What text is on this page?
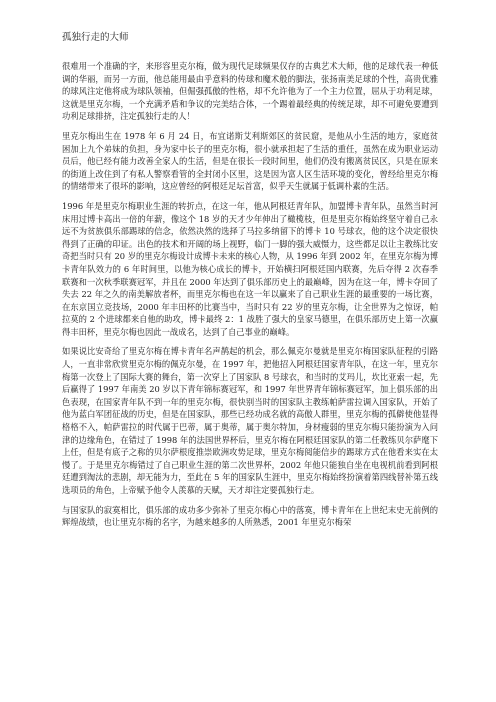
孤独行走的大师

很难用一个准确的字，来形容里克尔梅，做为现代足球频果仅存的古典艺术大师，他的足球代表一种低调的华丽，而另一方面，他总能用最由乎意料的传球和魔术般的脚法，张扬南美足球的个性，高贵优雅的球风注定他将成为球队领袖，但倔强孤傲的性格，却不允许他为了一个主力位置，屈从于功利足球，这就是里克尔梅，一个充满矛盾和争议的完美结合体，一个踢着最经典的传统足球，却不可避免要遭到功利足球排挤，注定孤独行走的人！

里克尔梅出生在 1978 年 6 月 24 日，布宜诺斯艾利斯郊区的贫民窟，是他从小生活的地方，家庭贫困加上九个弟妹的负担，身为家中长子的里克尔梅，很小就承担起了生活的重任，虽然在成为职业运动员后，他已经有能力改善全家人的生活，但是在很长一段时间里，他们仍没有搬离贫民区，只是在原来的街道上改住到了有私人警察看管的全封闭小区里，这是因为富人区生活环境的变化，曾经给里克尔梅的情绪带来了很坏的影响，这应曾经的阿根廷足坛首富，似乎天生就属于低调朴素的生活。

1996 年是里克尔梅职业生涯的转折点，在这一年，他从阿根廷青年队，加盟博卡青年队，虽然当时河床用过博卡高出一倍的年薪，像这个 18 岁的天才少年伸出了橄榄枝，但是里克尔梅始终坚守着自己永远不为贫族俱乐部踢球的信念，依然决然的选择了马拉多纳留下的博卡 10 号球衣，他的这个决定很快得到了正确的印证。出色的技术和开阔的场上视野，临门一脚的强大威慑力，这些都足以让主教练比安奇把当时只有 20 岁的里克尔梅设计成博卡未来的核心人物，从 1996 年到 2002 年，在里克尔梅为博卡青年队效力的 6 年时间里，以他为核心成长的博卡，开始横扫阿根廷国内联赛，先后夺得 2 次春季联赛和一次秋季联赛冠军，并且在 2000 年达到了俱乐部历史上的最巅峰，因为在这一年，博卡夺回了失去 22 年之久的南美解放者杯，而里克尔梅也在这一年以赢来了自己职业生涯的最重要的一场比赛，在东京国立竞技场，2000 年丰田杯的比赛当中，当时只有 22 岁的里克尔梅，让全世界为之惊讶，帕拉莫的 2 个进球都来自他的助攻，博卡最终 2：1 战胜了强大的皇家马德里，在俱乐部历史上第一次赢得丰田杯，里克尔梅也因此一战成名，达到了自己事业的巅峰。

如果说比安奇给了里克尔梅在博卡青年名声鹊起的机会，那么佩克尔曼就是里克尔梅国家队征程的引路人，一直非常欣赏里克尔梅的佩克尔曼，在 1997 年，把他招入阿根廷国家青年队，在这一年，里克尔梅第一次登上了国际大赛的舞台，第一次穿上了国家队 8 号球衣，和当时的艾玛儿，坎比亚索一起，先后赢得了 1997 年南美 20 岁以下青年锦标赛冠军，和 1997 年世界青年锦标赛冠军，加上俱乐部的出色表现，在国家青年队不到一年的里克尔梅，很快别当时的国家队主教练帕萨雷拉调入国家队，开始了他为蓝白军团征战的历史，但是在国家队，那些已经功成名就的高傲人群里，里克尔梅的孤僻使他显得格格不入，帕萨雷拉的时代属于巴蒂，属于奥蒂，属于奥尔特加，身材瘦弱的里克尔梅只能扮演为入问津的边缘角色，在错过了 1998 年的法国世界杯后，里克尔梅在阿根廷国家队的第二任教练贝尔萨麾下上任，但是有底子之称的贝尔萨根度推崇欧洲攻势足球，里克尔梅阅能信步的踢球方式在他看来实在太慢了。于是里克尔梅错过了自己职业生涯的第二次世界杯，2002 年他只能独自坐在电视机前看到阿根廷遭到淘汰的悲剧，却无能为力，至此在 5 年的国家队生涯中，里克尔梅始终扮演着第四线替补第五线选项员的角色，上帝赋予他令人羡慕的天赋，天才却注定要孤独行走。

与国家队的寂寞相比，俱乐部的成功多少弥补了里克尔梅心中的落寞，博卡青年在上世纪末史无前例的辉煌战绩，也让里克尔梅的名字，为越来越多的人所熟悉，2001 年里克尔梅荣
